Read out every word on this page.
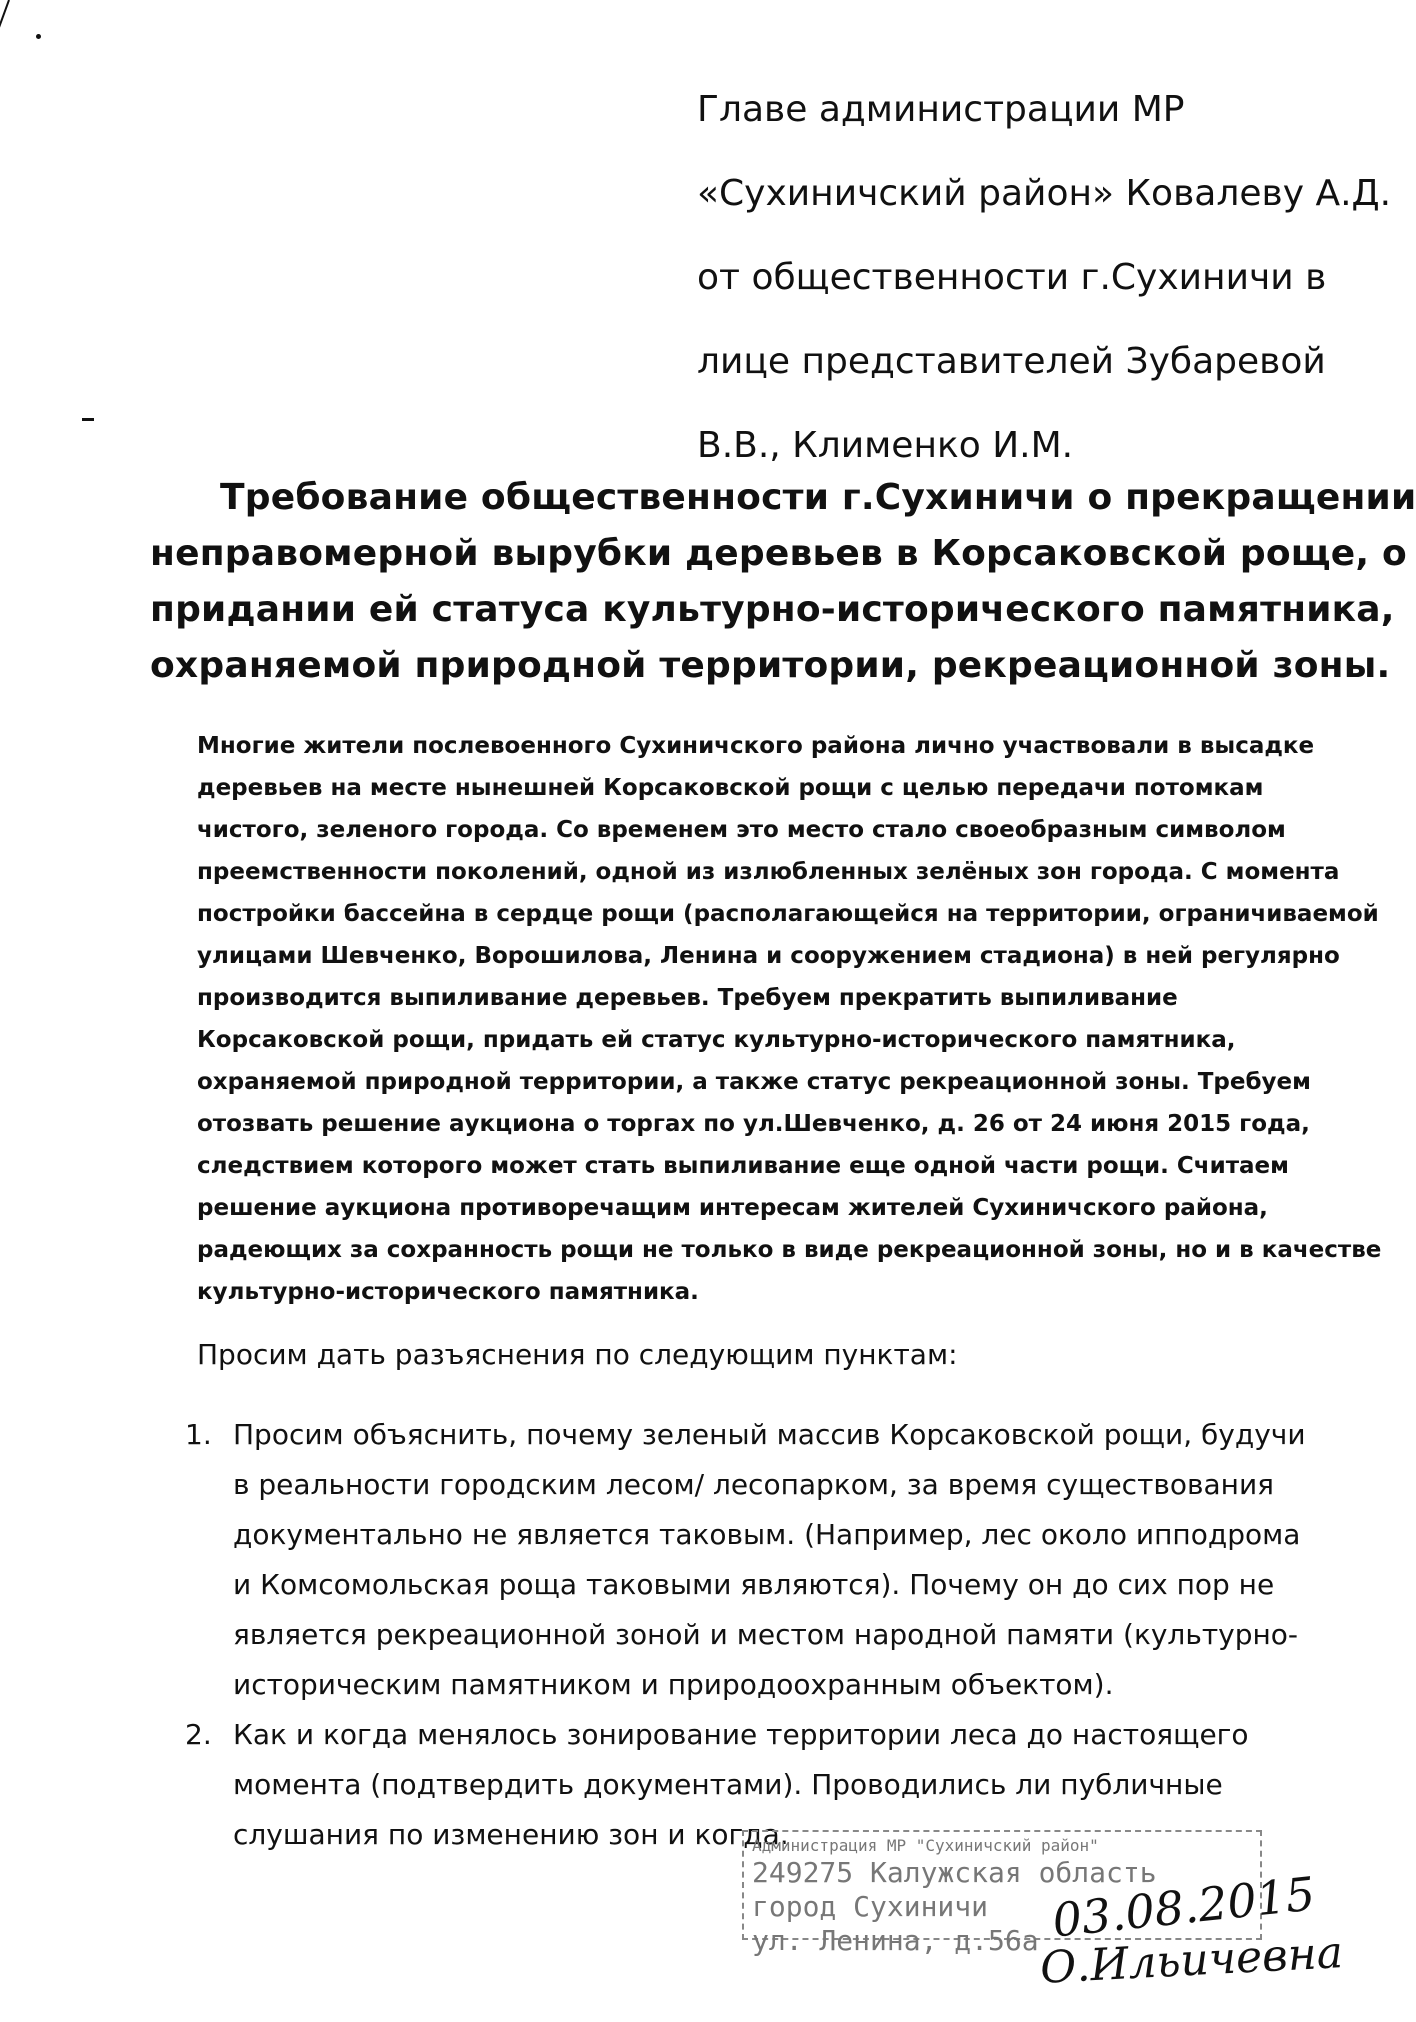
Главе администрации МР
«Сухиничский район» Ковалеву А.Д.
от общественности г.Сухиничи в
лице представителей Зубаревой
В.В., Клименко И.М.
Требование общественности г.Сухиничи о прекращении
неправомерной вырубки деревьев в Корсаковской роще, о
придании ей статуса культурно-исторического памятника,
охраняемой природной территории, рекреационной зоны.
Многие жители послевоенного Сухиничского района лично участвовали в высадке
деревьев на месте нынешней Корсаковской рощи с целью передачи потомкам
чистого, зеленого города. Со временем это место стало своеобразным символом
преемственности поколений, одной из излюбленных зелёных зон города. С момента
постройки бассейна в сердце рощи (располагающейся на территории, ограничиваемой
улицами Шевченко, Ворошилова, Ленина и сооружением стадиона) в ней регулярно
производится выпиливание деревьев. Требуем прекратить выпиливание
Корсаковской рощи, придать ей статус культурно-исторического памятника,
охраняемой природной территории, а также статус рекреационной зоны. Требуем
отозвать решение аукциона о торгах по ул.Шевченко, д. 26 от 24 июня 2015 года,
следствием которого может стать выпиливание еще одной части рощи. Считаем
решение аукциона противоречащим интересам жителей Сухиничского района,
радеющих за сохранность рощи не только в виде рекреационной зоны, но и в качестве
культурно-исторического памятника.
Просим дать разъяснения по следующим пунктам:
1. Просим объяснить, почему зеленый массив Корсаковской рощи, будучи
в реальности городским лесом/ лесопарком, за время существования
документально не является таковым. (Например, лес около ипподрома
и Комсомольская роща таковыми являются). Почему он до сих пор не
является рекреационной зоной и местом народной памяти (культурно-
историческим памятником и природоохранным объектом).
2. Как и когда менялось зонирование территории леса до настоящего
момента (подтвердить документами). Проводились ли публичные
слушания по изменению зон и когда.
Администрация МР "Сухиничский район"
249275 Калужская область
город Сухиничи
ул. Ленина, д.56а 03.08.2015
О.Ильичевна
